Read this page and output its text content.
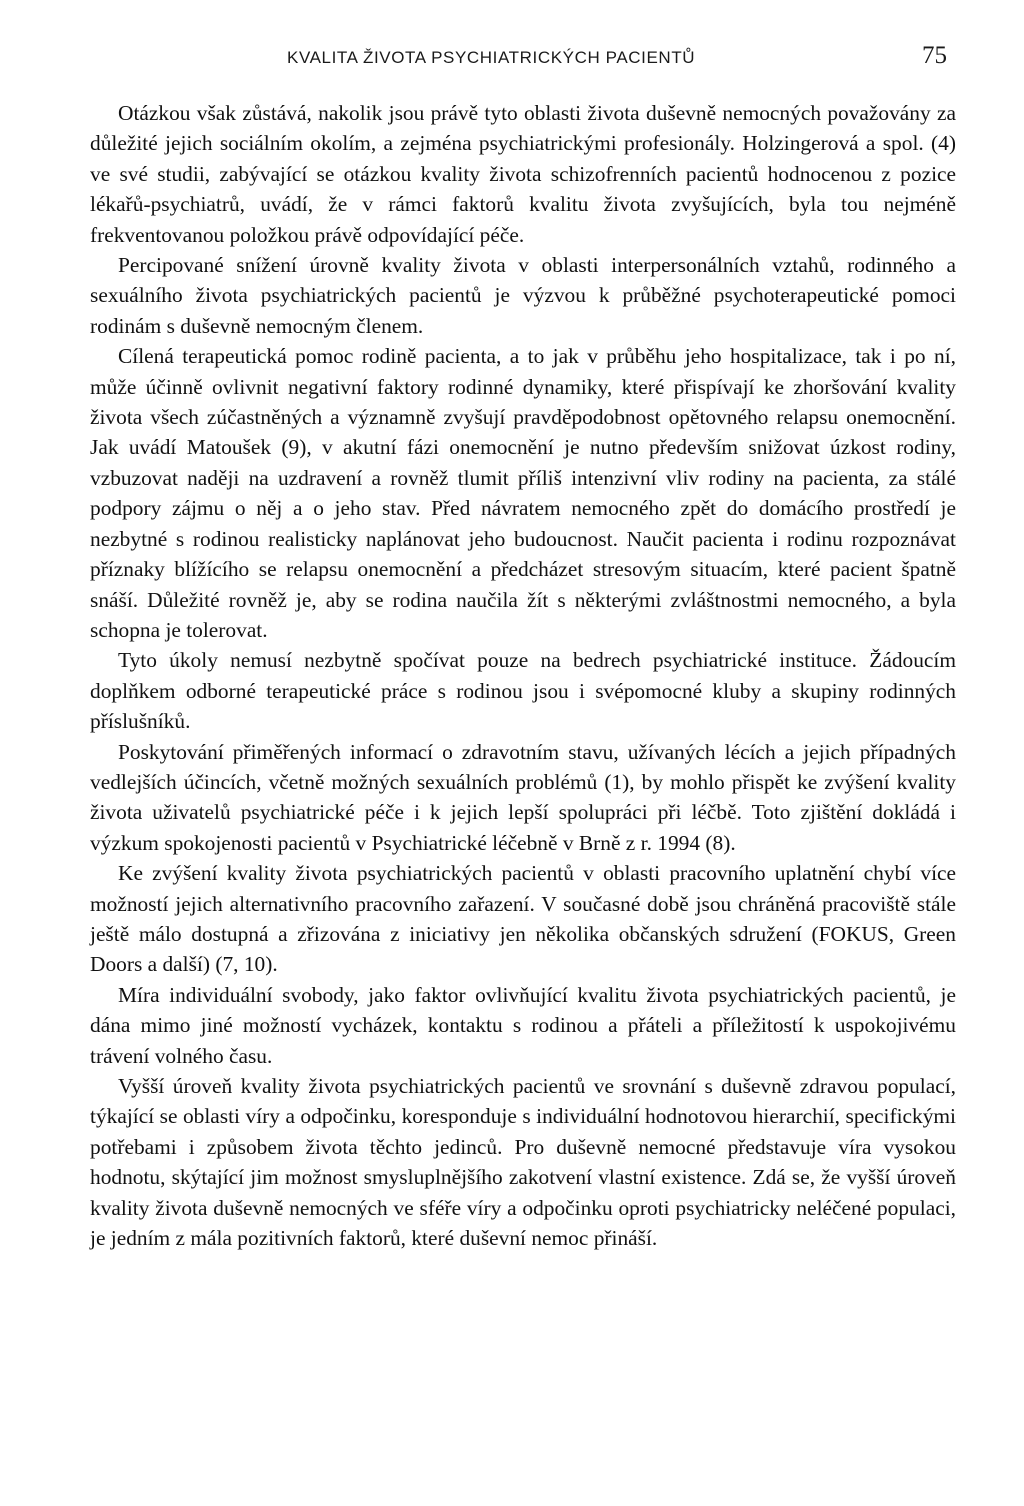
KVALITA ŽIVOTA PSYCHIATRICKÝCH PACIENTŮ	75

Otázkou však zůstává, nakolik jsou právě tyto oblasti života duševně nemocných považovány za důležité jejich sociálním okolím, a zejména psychiatrickými profesionály. Holzingerová a spol. (4) ve své studii, zabývající se otázkou kvality života schizofrenních pacientů hodnocenou z pozice lékařů-psychiatrů, uvádí, že v rámci faktorů kvalitu života zvyšujících, byla tou nejméně frekventovanou položkou právě odpovídající péče.

Percipované snížení úrovně kvality života v oblasti interpersonálních vztahů, rodinného a sexuálního života psychiatrických pacientů je výzvou k průběžné psychoterapeutické pomoci rodinám s duševně nemocným členem.

Cílená terapeutická pomoc rodině pacienta, a to jak v průběhu jeho hospitalizace, tak i po ní, může účinně ovlivnit negativní faktory rodinné dynamiky, které přispívají ke zhoršování kvality života všech zúčastněných a významně zvyšují pravděpodobnost opětovného relapsu onemocnění. Jak uvádí Matoušek (9), v akutní fázi onemocnění je nutno především snižovat úzkost rodiny, vzbuzovat naději na uzdravení a rovněž tlumit příliš intenzivní vliv rodiny na pacienta, za stálé podpory zájmu o něj a o jeho stav. Před návratem nemocného zpět do domácího prostředí je nezbytné s rodinou realisticky naplánovat jeho budoucnost. Naučit pacienta i rodinu rozpoznávat příznaky blížícího se relapsu onemocnění a předcházet stresovým situacím, které pacient špatně snáší. Důležité rovněž je, aby se rodina naučila žít s některými zvláštnostmi nemocného, a byla schopna je tolerovat.

Tyto úkoly nemusí nezbytně spočívat pouze na bedrech psychiatrické instituce. Žádoucím doplňkem odborné terapeutické práce s rodinou jsou i svépomocné kluby a skupiny rodinných příslušníků.

Poskytování přiměřených informací o zdravotním stavu, užívaných lécích a jejich případných vedlejších účincích, včetně možných sexuálních problémů (1), by mohlo přispět ke zvýšení kvality života uživatelů psychiatrické péče i k jejich lepší spolupráci při léčbě. Toto zjištění dokládá i výzkum spokojenosti pacientů v Psychiatrické léčebně v Brně z r. 1994 (8).

Ke zvýšení kvality života psychiatrických pacientů v oblasti pracovního uplatnění chybí více možností jejich alternativního pracovního zařazení. V současné době jsou chráněná pracoviště stále ještě málo dostupná a zřizována z iniciativy jen několika občanských sdružení (FOKUS, Green Doors a další) (7, 10).

Míra individuální svobody, jako faktor ovlivňující kvalitu života psychiatrických pacientů, je dána mimo jiné možností vycházek, kontaktu s rodinou a přáteli a příležitostí k uspokojivému trávení volného času.

Vyšší úroveň kvality života psychiatrických pacientů ve srovnání s duševně zdravou populací, týkající se oblasti víry a odpočinku, koresponduje s individuální hodnotovou hierarchií, specifickými potřebami i způsobem života těchto jedinců. Pro duševně nemocné představuje víra vysokou hodnotu, skýtající jim možnost smysluplnějšího zakotvení vlastní existence. Zdá se, že vyšší úroveň kvality života duševně nemocných ve sféře víry a odpočinku oproti psychiatricky neléčené populaci, je jedním z mála pozitivních faktorů, které duševní nemoc přináší.
